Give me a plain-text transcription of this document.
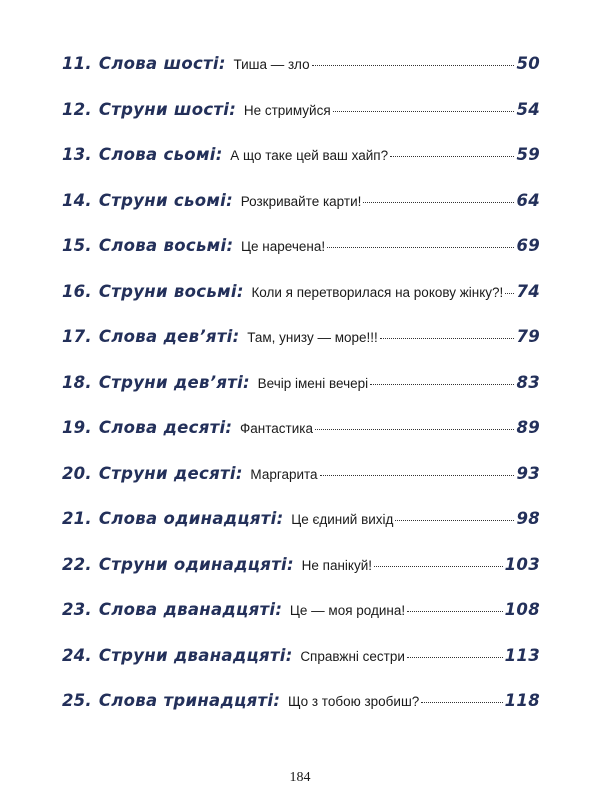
11. Слова шості : Тиша — зло	50
12. Струни шості : Не стримуйся	54
13. Слова сьомі : А що таке цей ваш хайп?	59
14. Струни сьомі : Розкривайте карти!	64
15. Слова восьмі : Це наречена!	69
16. Струни восьмі : Коли я перетворилася на рокову жінку?! 74
17. Слова дев’яті : Там, унизу — море!!!	79
18. Струни дев’яті : Вечір імені вечері	83
19. Слова десяті : Фантастика	89
20. Струни десяті : Маргарита	93
21. Слова одинадцяті : Це єдиний вихід	98
22. Струни одинадцяті : Не панікуй!	103
23. Слова дванадцяті : Це — моя родина!	108
24. Струни дванадцяті : Справжні сестри	113
25. Слова тринадцяті : Що з тобою зробиш?	118
184
